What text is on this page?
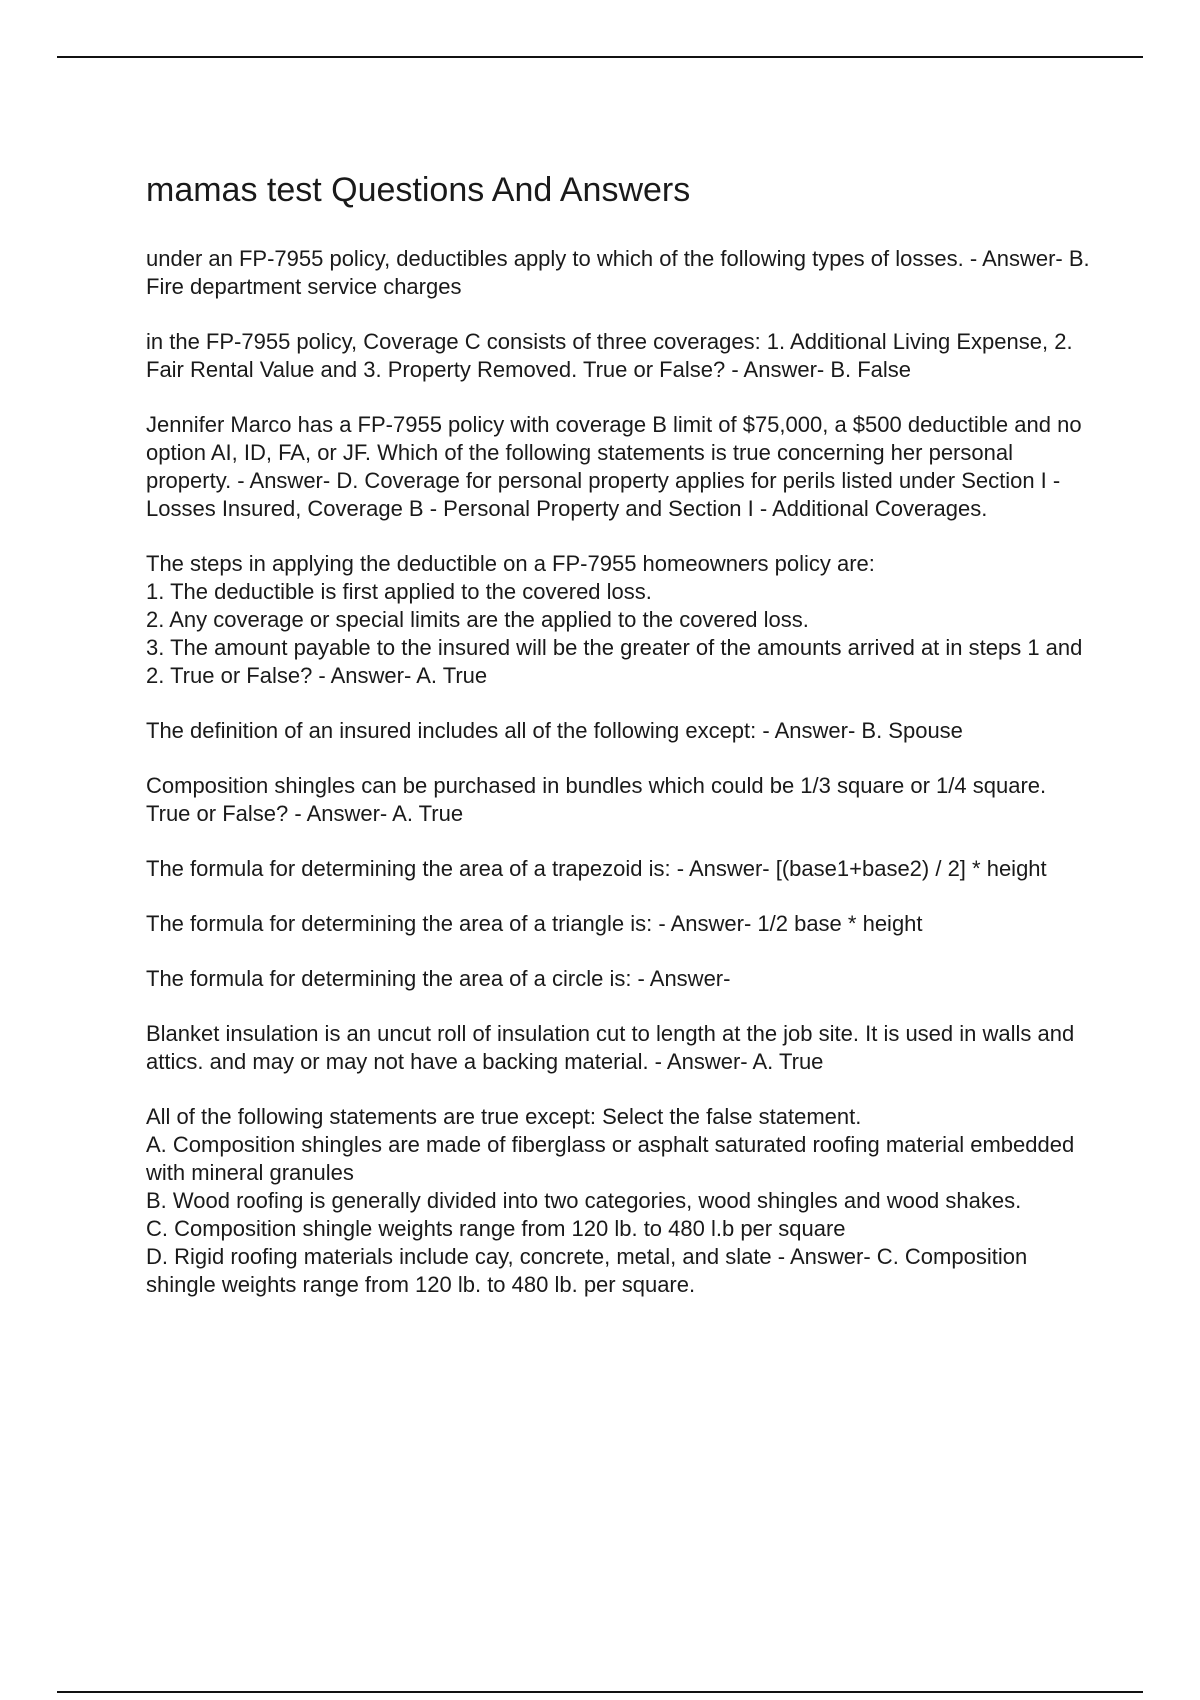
mamas test Questions And Answers

under an FP-7955 policy, deductibles apply to which of the following types of losses. - Answer- B. Fire department service charges

in the FP-7955 policy, Coverage C consists of three coverages: 1. Additional Living Expense, 2. Fair Rental Value and 3. Property Removed. True or False? - Answer- B. False

Jennifer Marco has a FP-7955 policy with coverage B limit of $75,000, a $500 deductible and no option AI, ID, FA, or JF. Which of the following statements is true concerning her personal property. - Answer- D. Coverage for personal property applies for perils listed under Section I - Losses Insured, Coverage B - Personal Property and Section I - Additional Coverages.

The steps in applying the deductible on a FP-7955 homeowners policy are:
1. The deductible is first applied to the covered loss.
2. Any coverage or special limits are the applied to the covered loss.
3. The amount payable to the insured will be the greater of the amounts arrived at in steps 1 and 2. True or False? - Answer- A. True

The definition of an insured includes all of the following except: - Answer- B. Spouse

Composition shingles can be purchased in bundles which could be 1/3 square or 1/4 square. True or False? - Answer- A. True

The formula for determining the area of a trapezoid is: - Answer- [(base1+base2) / 2] * height

The formula for determining the area of a triangle is: - Answer- 1/2 base * height

The formula for determining the area of a circle is: - Answer-

Blanket insulation is an uncut roll of insulation cut to length at the job site. It is used in walls and attics. and may or may not have a backing material. - Answer- A. True

All of the following statements are true except: Select the false statement.
A. Composition shingles are made of fiberglass or asphalt saturated roofing material embedded with mineral granules
B. Wood roofing is generally divided into two categories, wood shingles and wood shakes.
C. Composition shingle weights range from 120 lb. to 480 l.b per square
D. Rigid roofing materials include cay, concrete, metal, and slate - Answer- C. Composition shingle weights range from 120 lb. to 480 lb. per square.
